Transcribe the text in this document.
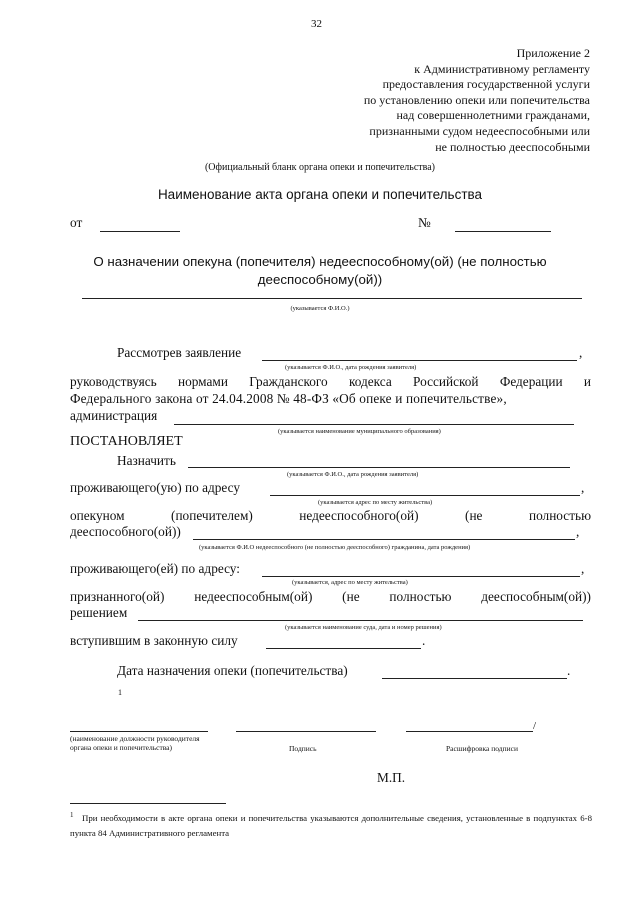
32
Приложение 2
к Административному регламенту
предоставления государственной услуги
по установлению опеки или попечительства
над совершеннолетними гражданами,
признанными судом недееспособными или
не полностью дееспособными
(Официальный бланк органа опеки и попечительства)
Наименование акта органа опеки и попечительства
от	№
О назначении опекуна (попечителя) недееспособному(ой) (не полностью
дееспособному(ой))
(указывается Ф.И.О.)
Рассмотрев заявление	,
(указывается Ф.И.О., дата рождения заявителя)
руководствуясь нормами Гражданского кодекса Российской Федерации и
Федерального закона от 24.04.2008 № 48-ФЗ «Об опеке и попечительстве»,
администрация
(указывается наименование муниципального образования)
ПОСТАНОВЛЯЕТ
Назначить
(указывается Ф.И.О., дата рождения заявителя)
проживающего(ую) по адресу	,
(указывается адрес по месту жительства)
опекуном	(попечителем)	недееспособного(ой)	(не	полностью
дееспособного(ой))	,
(указывается Ф.И.О недееспособного (не полностью дееспособного) гражданина, дата рождения)
проживающего(ей) по адресу:	,
(указывается, адрес по месту жительства)
признанного(ой) недееспособным(ой) (не полностью дееспособным(ой))
решением
(указывается наименование суда, дата и номер решения)
вступившим в законную силу	.
Дата назначения опеки (попечительства)	.
1
(наименование должности руководителя
органа опеки и попечительства)	Подпись
/
Расшифровка подписи
М.П.
1 При необходимости в акте органа опеки и попечительства указываются дополнительные сведения, установленные в подпунктах 6-8 пункта 84 Административного регламента
